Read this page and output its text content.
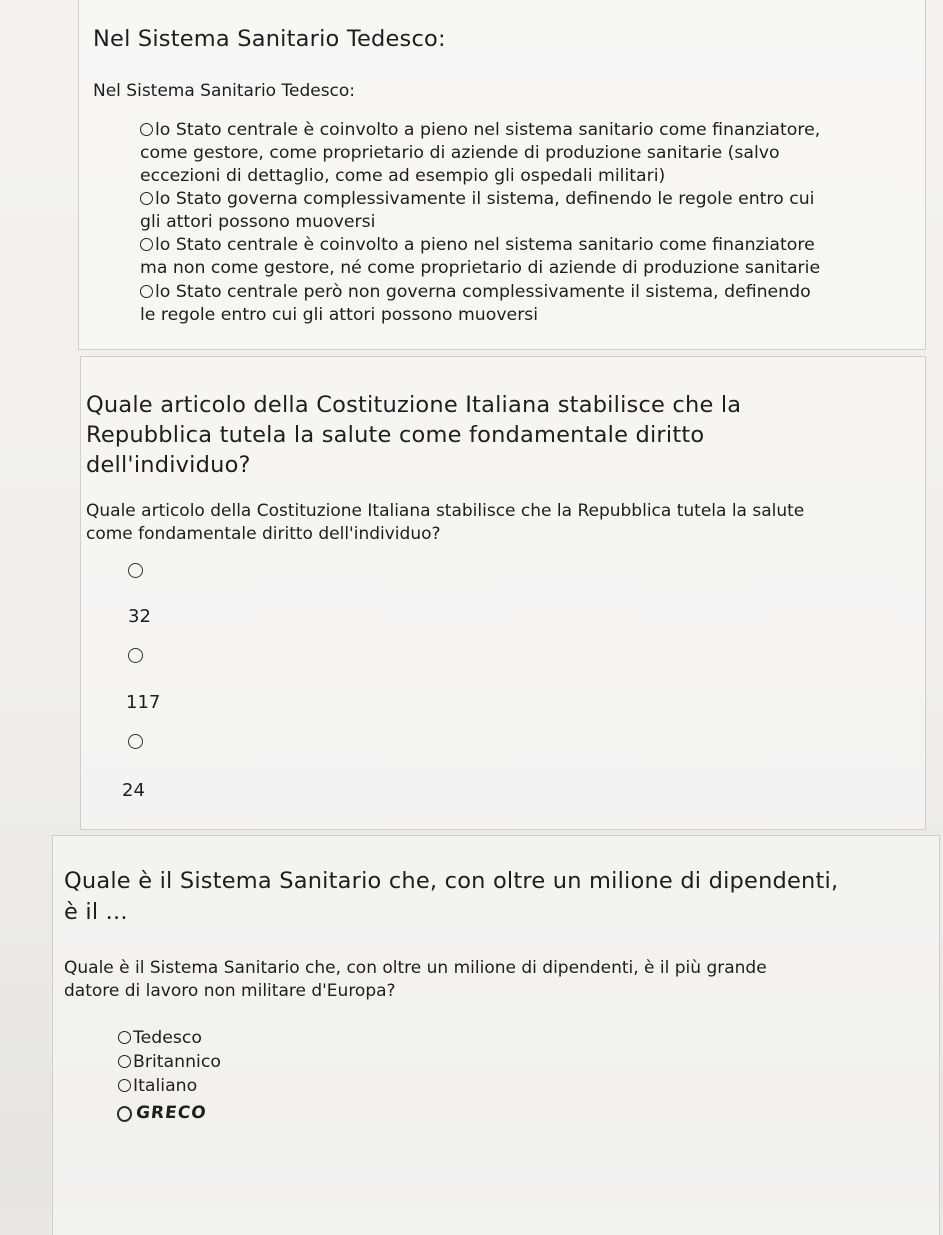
Nel Sistema Sanitario Tedesco:
Nel Sistema Sanitario Tedesco:
lo Stato centrale è coinvolto a pieno nel sistema sanitario come finanziatore,
come gestore, come proprietario di aziende di produzione sanitarie (salvo
eccezioni di dettaglio, come ad esempio gli ospedali militari)
lo Stato governa complessivamente il sistema, definendo le regole entro cui
gli attori possono muoversi
lo Stato centrale è coinvolto a pieno nel sistema sanitario come finanziatore
ma non come gestore, né come proprietario di aziende di produzione sanitarie
lo Stato centrale però non governa complessivamente il sistema, definendo
le regole entro cui gli attori possono muoversi
Quale articolo della Costituzione Italiana stabilisce che la
Repubblica tutela la salute come fondamentale diritto
dell'individuo?
Quale articolo della Costituzione Italiana stabilisce che la Repubblica tutela la salute
come fondamentale diritto dell'individuo?
32
117
24
Quale è il Sistema Sanitario che, con oltre un milione di dipendenti,
è il ...
Quale è il Sistema Sanitario che, con oltre un milione di dipendenti, è il più grande
datore di lavoro non militare d'Europa?
Tedesco
Britannico
Italiano
GRECO
